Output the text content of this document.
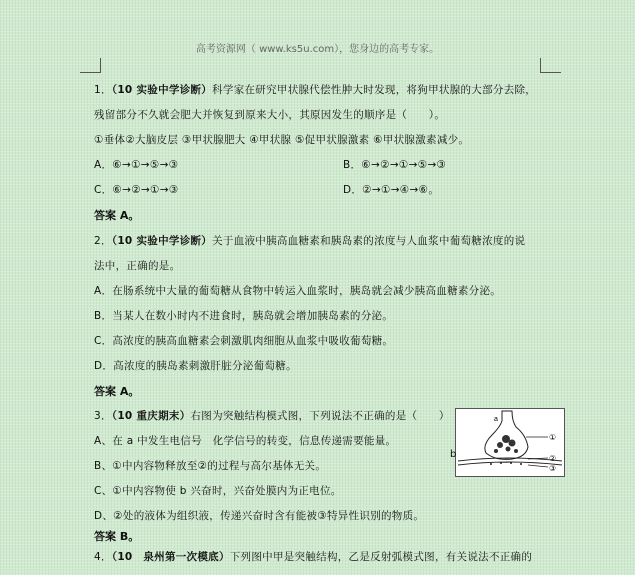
高考资源网（ www.ks5u.com），您身边的高考专家。
1．（10 实验中学诊断）科学家在研究甲状腺代偿性肿大时发现，将狗甲状腺的大部分去除，
残留部分不久就会肥大并恢复到原来大小，其原因发生的顺序是（　　）。
①垂体②大脑皮层 ③甲状腺肥大 ④甲状腺 ⑤促甲状腺激素 ⑥甲状腺激素减少。
A．⑥→①→⑤→③	B．⑥→②→①→⑤→③
C．⑥→②→①→③	D．②→①→④→⑥。
答案 A。
2．（10 实验中学诊断）关于血液中胰高血糖素和胰岛素的浓度与人血浆中葡萄糖浓度的说
法中，正确的是。
A．在肠系统中大量的葡萄糖从食物中转运入血浆时，胰岛就会减少胰高血糖素分泌。
B．当某人在数小时内不进食时，胰岛就会增加胰岛素的分泌。
C．高浓度的胰高血糖素会刺激肌肉细胞从血浆中吸收葡萄糖。
D．高浓度的胰岛素刺激肝脏分泌葡萄糖。
答案 A。
3．（10 重庆期末）右图为突触结构模式图，下列说法不正确的是（　　）
A、在 a 中发生电信号　化学信号的转变，信息传递需要能量。
B、①中内容物释放至②的过程与高尔基体无关。
C、①中内容物使 b 兴奋时，兴奋处膜内为正电位。
D、②处的液体为组织液，传递兴奋时含有能被③特异性识别的物质。
答案 B。
a
①
②
③
b
4．（10　泉州第一次模底）下列图中甲是突触结构，乙是反射弧模式图，有关说法不正确的
